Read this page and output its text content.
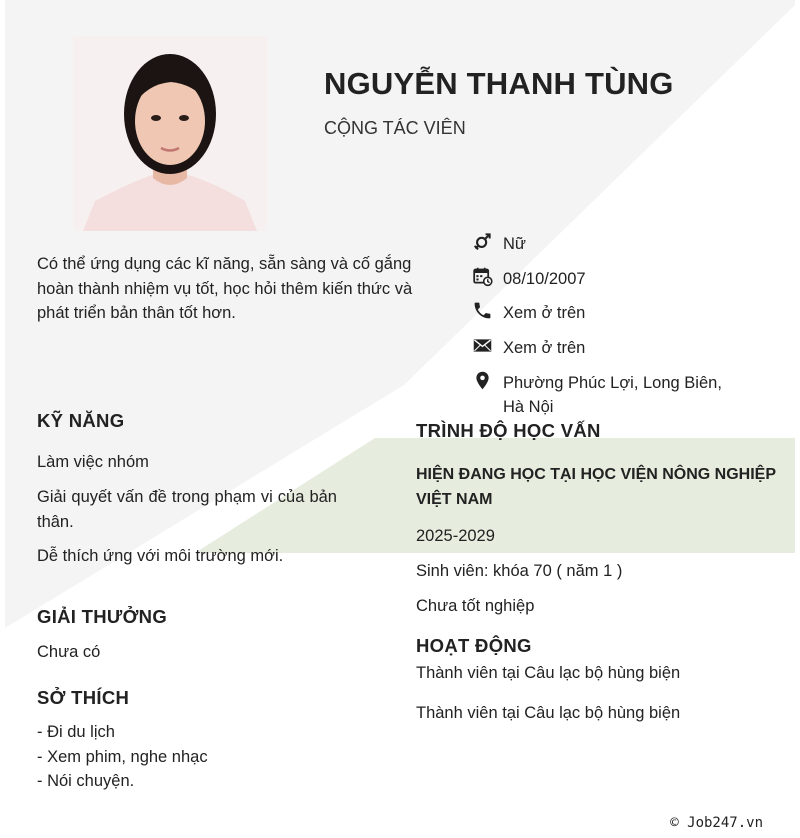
NGUYỄN THANH TÙNG
CỘNG TÁC VIÊN
Có thể ứng dụng các kĩ năng, sẵn sàng và cố gắng hoàn thành nhiệm vụ tốt, học hỏi thêm kiến thức và phát triển bản thân tốt hơn.
Nữ
08/10/2007
Xem ở trên
Xem ở trên
Phường Phúc Lợi, Long Biên, Hà Nội
KỸ NĂNG
Làm việc nhóm
Giải quyết vấn đề trong phạm vi của bản thân.
Dễ thích ứng với môi trường mới.
GIẢI THƯỞNG
Chưa có
SỞ THÍCH
- Đi du lịch
- Xem phim, nghe nhạc
- Nói chuyện.
TRÌNH ĐỘ HỌC VẤN
HIỆN ĐANG HỌC TẠI HỌC VIỆN NÔNG NGHIỆP VIỆT NAM
2025-2029
Sinh viên: khóa 70 ( năm 1 )
Chưa tốt nghiệp
HOẠT ĐỘNG
Thành viên tại Câu lạc bộ hùng biện
Thành viên tại Câu lạc bộ hùng biện
© Job247.vn
